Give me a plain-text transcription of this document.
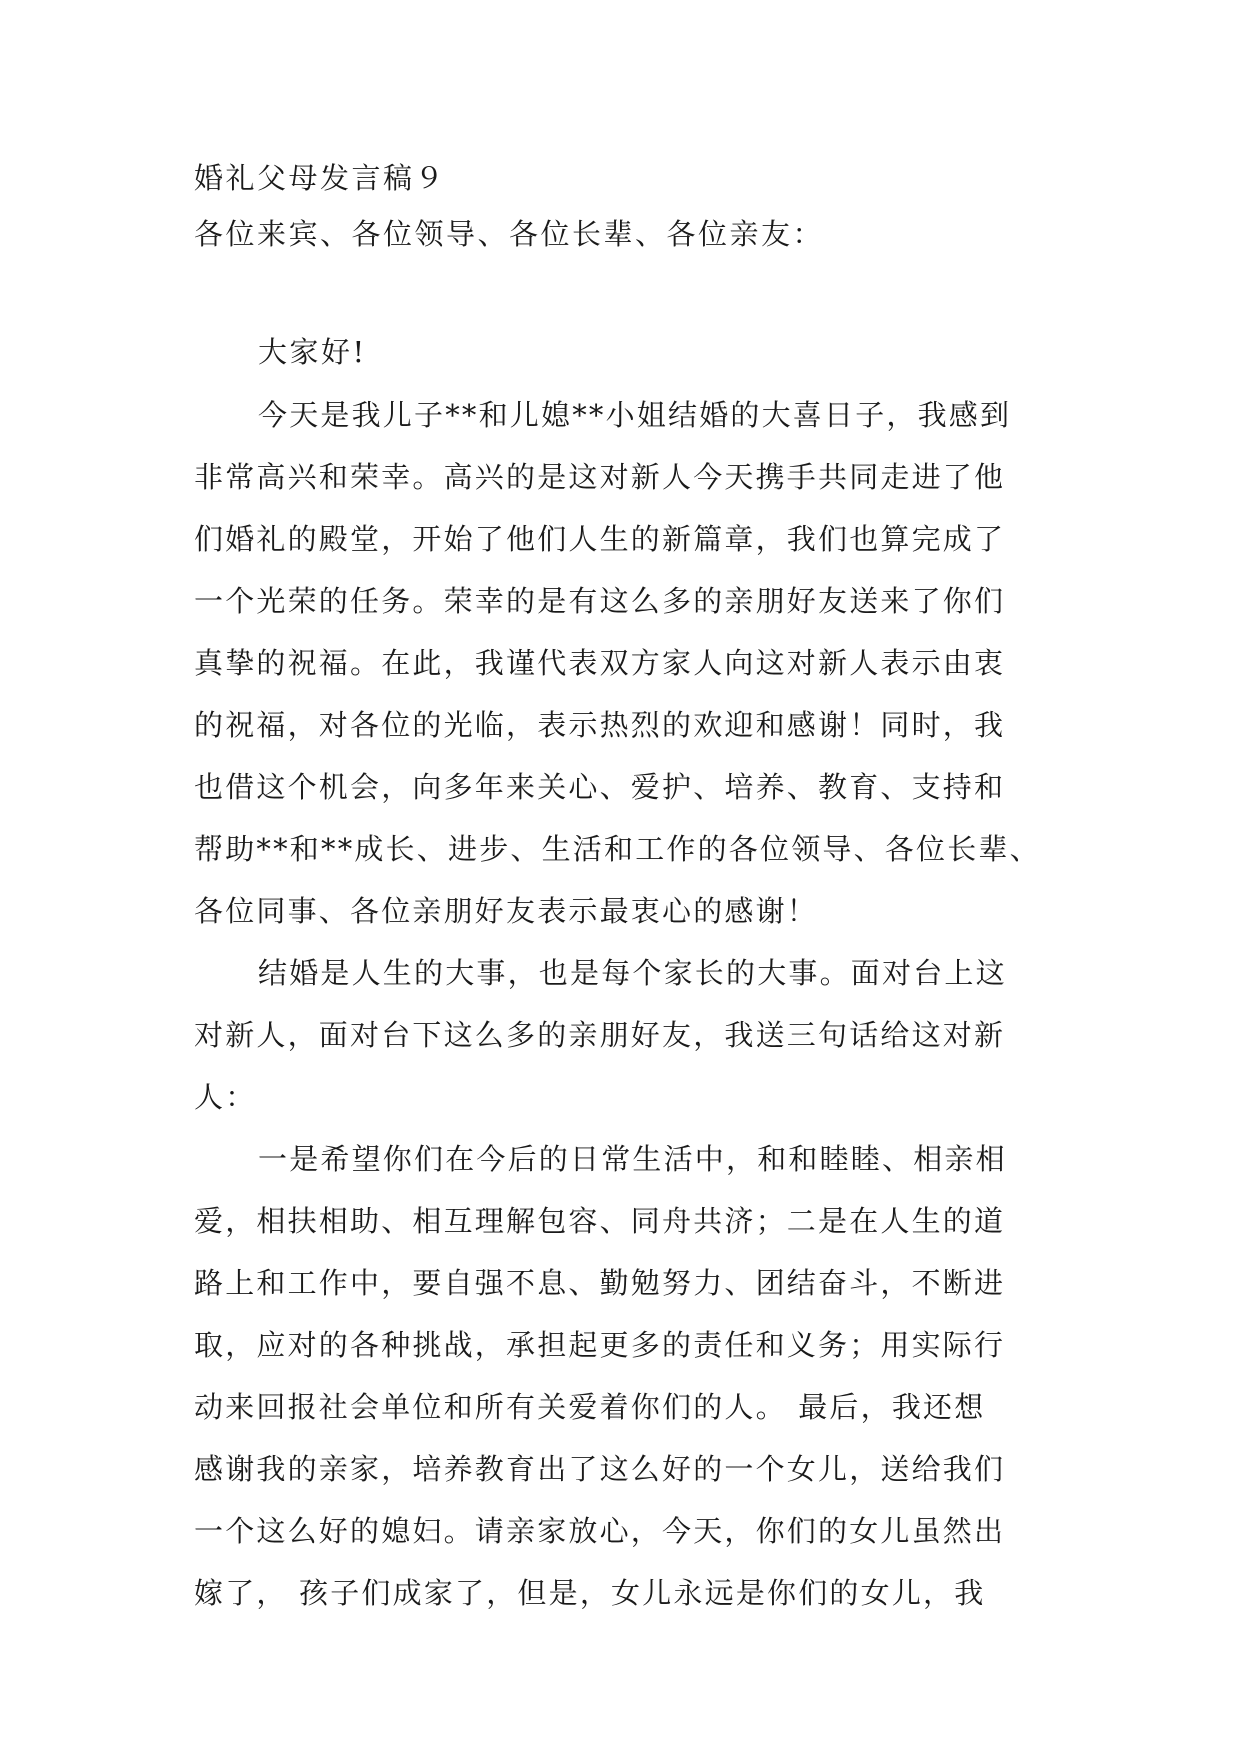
婚礼父母发言稿９

各位来宾、各位领导、各位长辈、各位亲友：

大家好!

今天是我儿子**和儿媳**小姐结婚的大喜日子，我感到
非常高兴和荣幸。高兴的是这对新人今天携手共同走进了他
们婚礼的殿堂，开始了他们人生的新篇章，我们也算完成了
一个光荣的任务。荣幸的是有这么多的亲朋好友送来了你们
真挚的祝福。在此，我谨代表双方家人向这对新人表示由衷
的祝福，对各位的光临，表示热烈的欢迎和感谢！同时，我
也借这个机会，向多年来关心、爱护、培养、教育、支持和
帮助**和**成长、进步、生活和工作的各位领导、各位长辈、
各位同事、各位亲朋好友表示最衷心的感谢！
结婚是人生的大事，也是每个家长的大事。面对台上这
对新人，面对台下这么多的亲朋好友，我送三句话给这对新
人：
一是希望你们在今后的日常生活中，和和睦睦、相亲相
爱，相扶相助、相互理解包容、同舟共济；二是在人生的道
路上和工作中，要自强不息、勤勉努力、团结奋斗，不断进
取，应对的各种挑战，承担起更多的责任和义务；用实际行
动来回报社会单位和所有关爱着你们的人。 最后，我还想
感谢我的亲家，培养教育出了这么好的一个女儿，送给我们
一个这么好的媳妇。请亲家放心，今天，你们的女儿虽然出
嫁了， 孩子们成家了，但是，女儿永远是你们的女儿，我
